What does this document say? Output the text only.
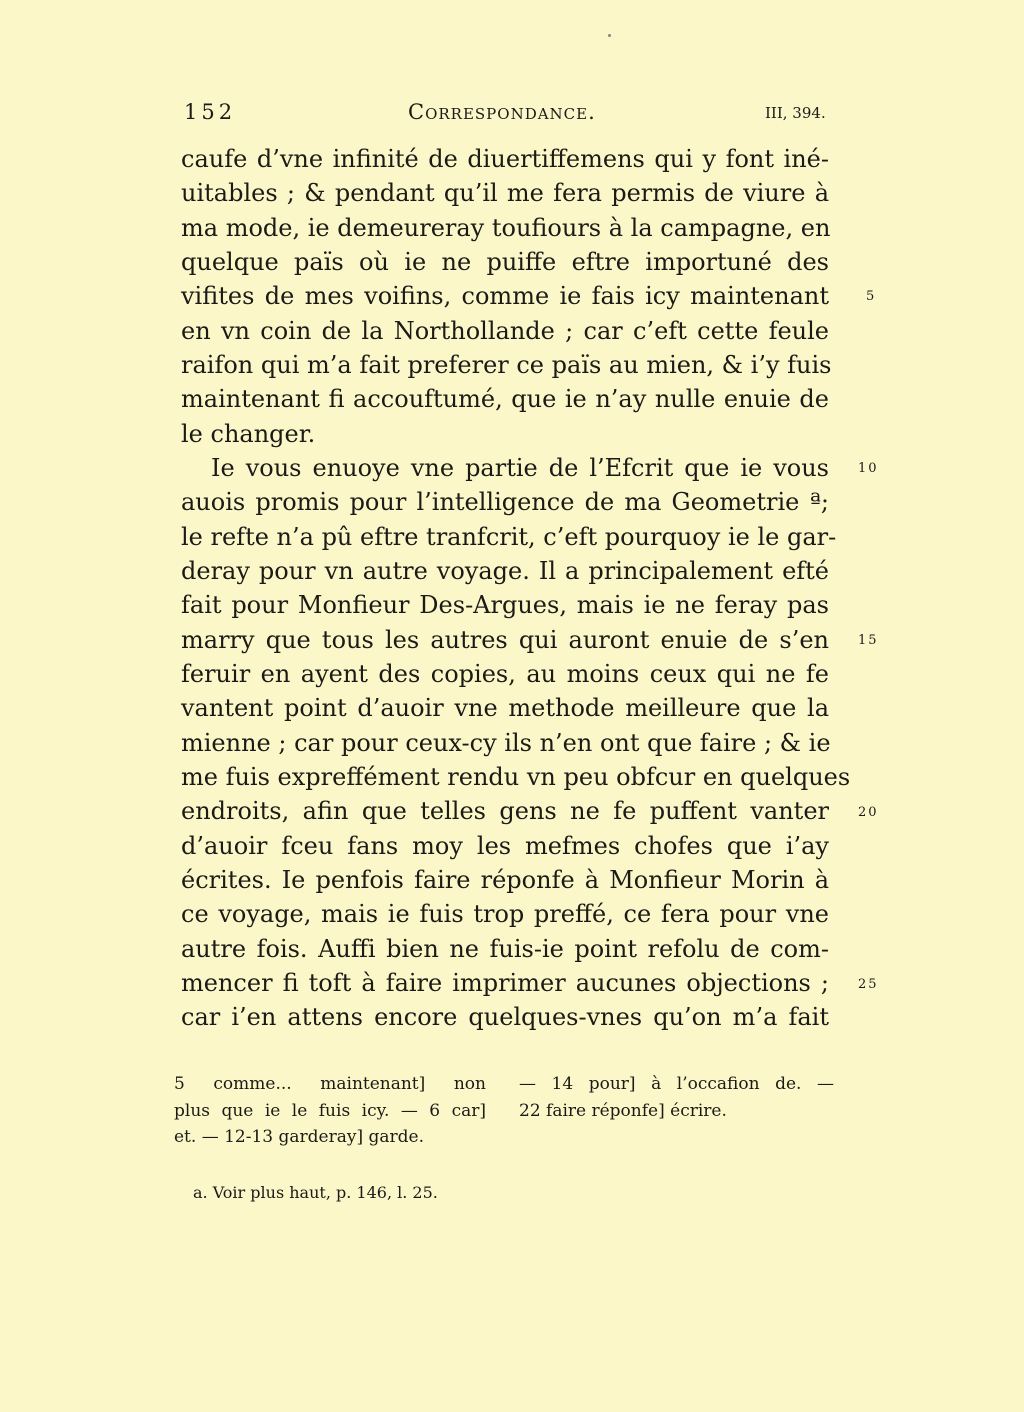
152	Correspondance.	III, 394.
caufe d’vne infinité de diuertiffemens qui y font iné-
uitables ; & pendant qu’il me fera permis de viure à
ma mode, ie demeureray toufiours à la campagne, en
quelque païs où ie ne puiffe eftre importuné des
vifites de mes voifins, comme ie fais icy maintenant
en vn coin de la Northollande ; car c’eft cette feule
raifon qui m’a fait preferer ce païs au mien, & i’y fuis
maintenant fi accouftumé, que ie n’ay nulle enuie de
le changer.
Ie vous enuoye vne partie de l’Efcrit que ie vous
auois promis pour l’intelligence de ma Geometrie ª;
le refte n’a pû eftre tranfcrit, c’eft pourquoy ie le gar-
deray pour vn autre voyage. Il a principalement efté
fait pour Monfieur Des-Argues, mais ie ne feray pas
marry que tous les autres qui auront enuie de s’en
feruir en ayent des copies, au moins ceux qui ne fe
vantent point d’auoir vne methode meilleure que la
mienne ; car pour ceux-cy ils n’en ont que faire ; & ie
me fuis expreffément rendu vn peu obfcur en quelques
endroits, afin que telles gens ne fe puffent vanter
d’auoir fceu fans moy les mefmes chofes que i’ay
écrites. Ie penfois faire réponfe à Monfieur Morin à
ce voyage, mais ie fuis trop preffé, ce fera pour vne
autre fois. Auffi bien ne fuis-ie point refolu de com-
mencer fi toft à faire imprimer aucunes objections ;
car i’en attens encore quelques-vnes qu’on m’a fait
5
10
15
20
25
5 comme... maintenant] non
plus que ie le fuis icy. — 6 car]
et. — 12-13 garderay] garde.
— 14 pour] à l’occafion de. —
22 faire réponfe] écrire.
a. Voir plus haut, p. 146, l. 25.
